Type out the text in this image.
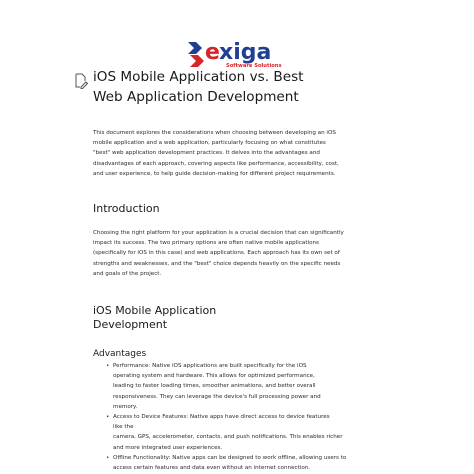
e xiga
Software Solutions
iOS Mobile Application vs. Best
Web Application Development

This document explores the considerations when choosing between developing an iOS
mobile application and a web application, particularly focusing on what constitutes
"best" web application development practices. It delves into the advantages and
disadvantages of each approach, covering aspects like performance, accessibility, cost,
and user experience, to help guide decision-making for different project requirements.

Introduction

Choosing the right platform for your application is a crucial decision that can significantly
impact its success. The two primary options are often native mobile applications
(specifically for iOS in this case) and web applications. Each approach has its own set of
strengths and weaknesses, and the "best" choice depends heavily on the specific needs
and goals of the project.

iOS Mobile Application
Development
Advantages
• Performance: Native iOS applications are built specifically for the iOS
operating system and hardware. This allows for optimized performance,
leading to faster loading times, smoother animations, and better overall
responsiveness. They can leverage the device's full processing power and
memory.
• Access to Device Features: Native apps have direct access to device features
like the
camera, GPS, accelerometer, contacts, and push notifications. This enables richer
and more integrated user experiences.
• Offline Functionality: Native apps can be designed to work offline, allowing users to
access certain features and data even without an internet connection.
